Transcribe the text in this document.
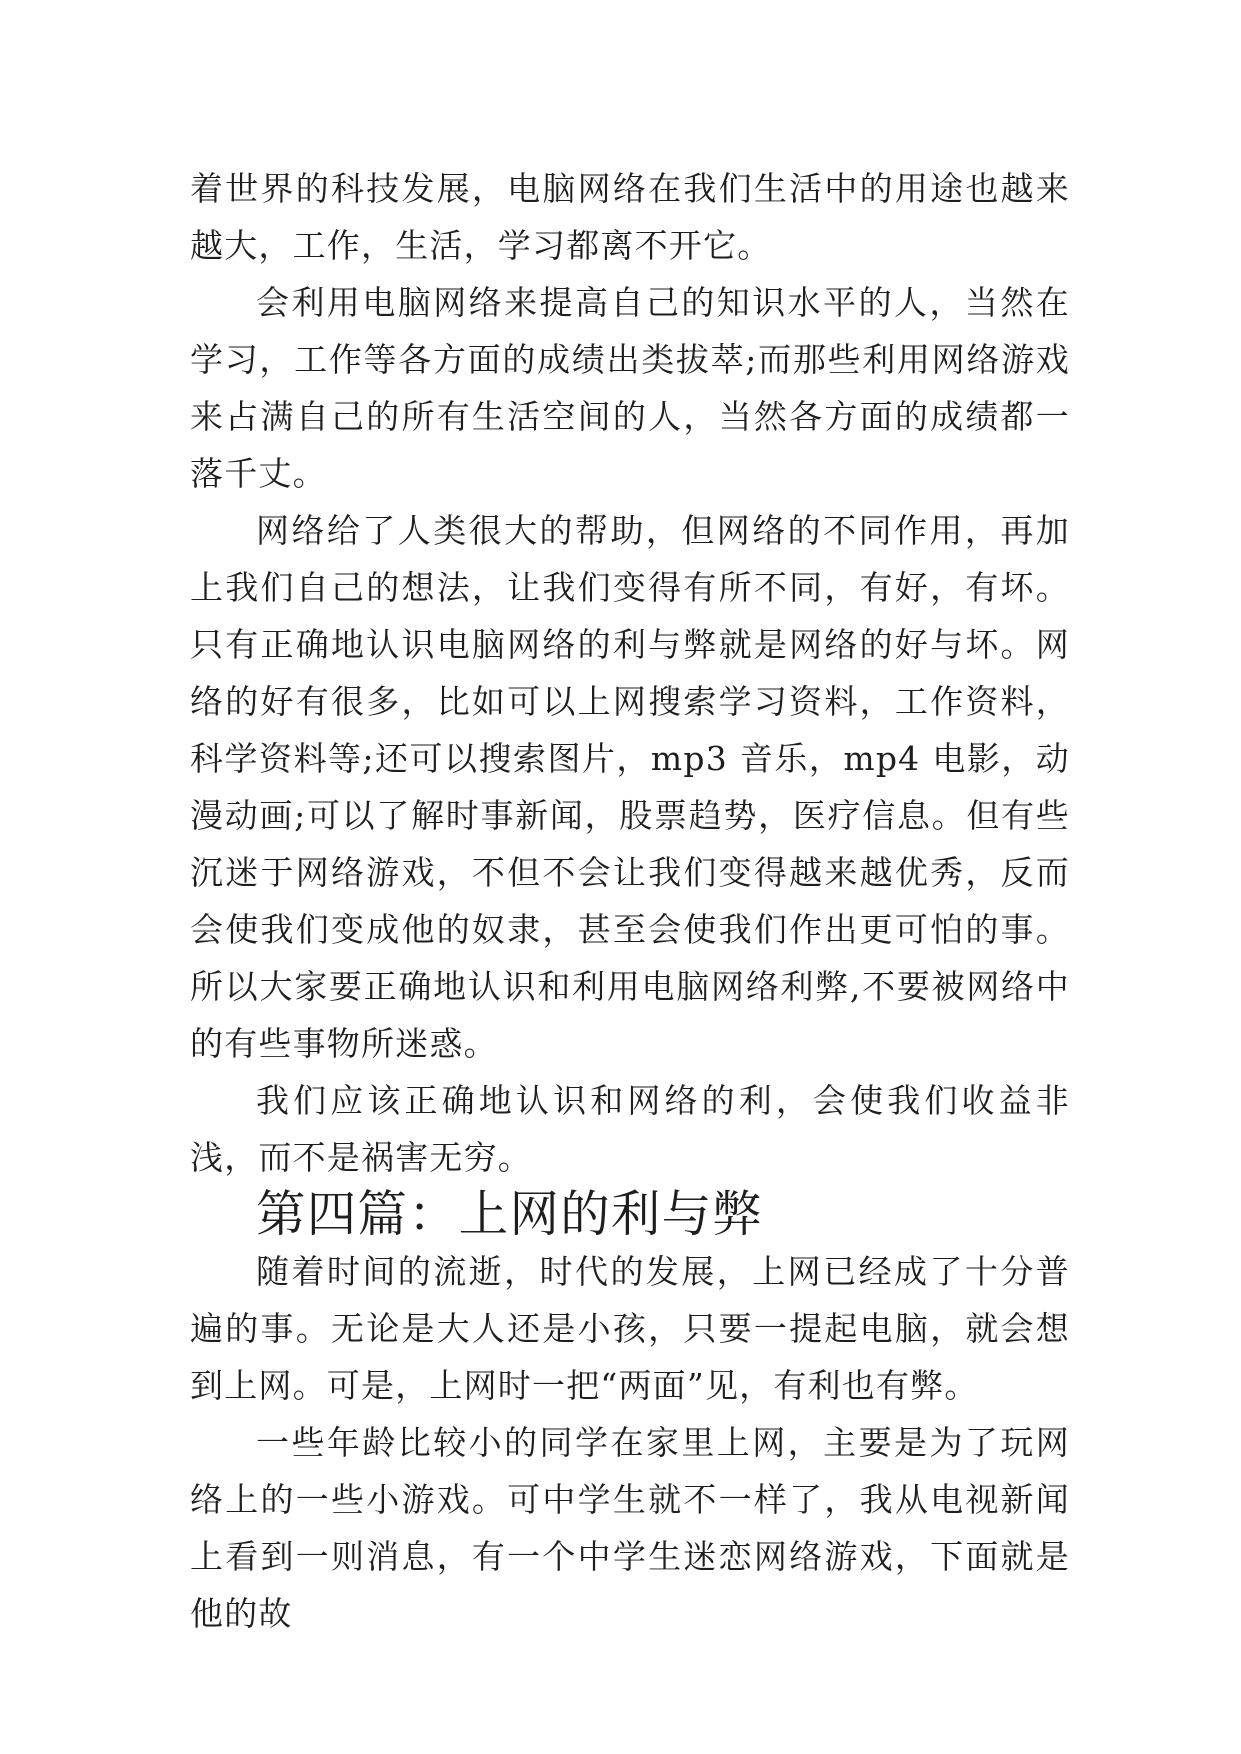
着世界的科技发展，电脑网络在我们生活中的用途也越来越大，工作，生活，学习都离不开它。

会利用电脑网络来提高自己的知识水平的人，当然在学习，工作等各方面的成绩出类拔萃;而那些利用网络游戏来占满自己的所有生活空间的人，当然各方面的成绩都一落千丈。

网络给了人类很大的帮助，但网络的不同作用，再加上我们自己的想法，让我们变得有所不同，有好，有坏。只有正确地认识电脑网络的利与弊就是网络的好与坏。网络的好有很多，比如可以上网搜索学习资料，工作资料，科学资料等;还可以搜索图片，mp3 音乐，mp4 电影，动漫动画;可以了解时事新闻，股票趋势，医疗信息。但有些沉迷于网络游戏，不但不会让我们变得越来越优秀，反而会使我们变成他的奴隶，甚至会使我们作出更可怕的事。所以大家要正确地认识和利用电脑网络利弊,不要被网络中的有些事物所迷惑。

我们应该正确地认识和网络的利，会使我们收益非浅，而不是祸害无穷。

第四篇：上网的利与弊

随着时间的流逝，时代的发展，上网已经成了十分普遍的事。无论是大人还是小孩，只要一提起电脑，就会想到上网。可是，上网时一把“两面”见，有利也有弊。

一些年龄比较小的同学在家里上网，主要是为了玩网络上的一些小游戏。可中学生就不一样了，我从电视新闻上看到一则消息，有一个中学生迷恋网络游戏，下面就是他的故
